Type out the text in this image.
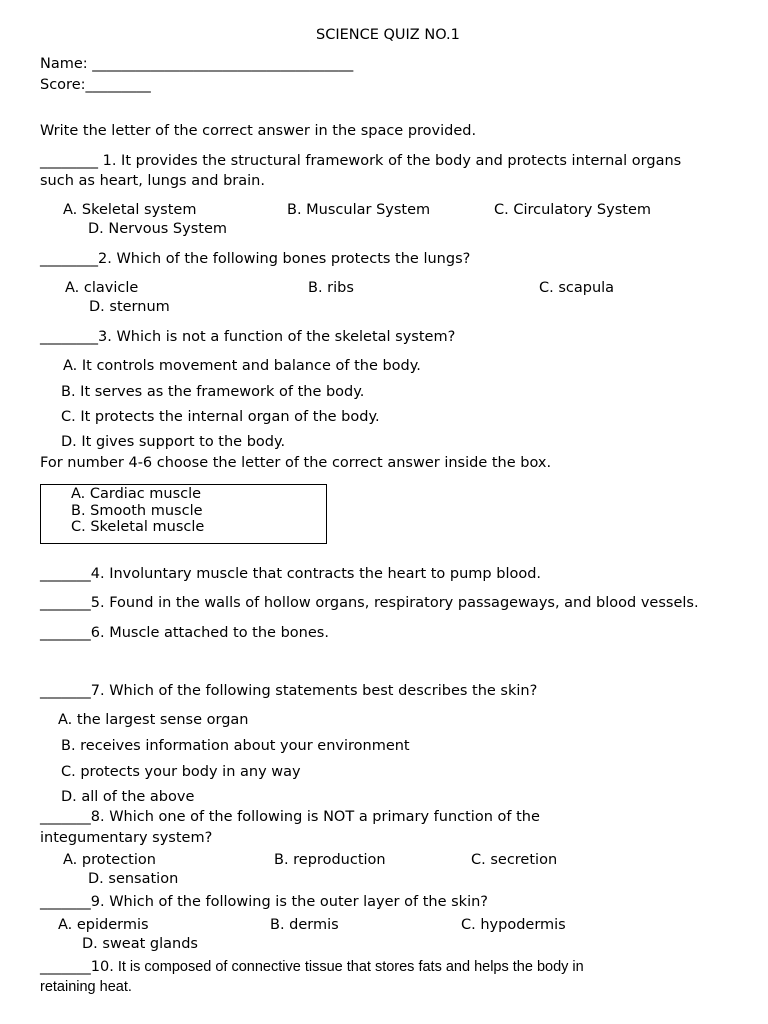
SCIENCE QUIZ NO.1
Name: ____________________________________
Score:_________
Write the letter of the correct answer in the space provided.
________ 1. It provides the structural framework of the body and protects internal organs
such as heart, lungs and brain.
A. Skeletal system	B. Muscular System	C. Circulatory System
D. Nervous System
________2. Which of the following bones protects the lungs?
A. clavicle	B. ribs	C. scapula
D. sternum
________3. Which is not a function of the skeletal system?
A. It controls movement and balance of the body.
B. It serves as the framework of the body.
C. It protects the internal organ of the body.
D. It gives support to the body.
For number 4-6 choose the letter of the correct answer inside the box.
A. Cardiac muscle
B. Smooth muscle
C. Skeletal muscle
_______4. Involuntary muscle that contracts the heart to pump blood.
_______5. Found in the walls of hollow organs, respiratory passageways, and blood vessels.
_______6. Muscle attached to the bones.
_______7. Which of the following statements best describes the skin?
A. the largest sense organ
B. receives information about your environment
C. protects your body in any way
D. all of the above
_______8. Which one of the following is NOT a primary function of the
integumentary system?
A. protection	B. reproduction	C. secretion
D. sensation
_______9. Which of the following is the outer layer of the skin?
A. epidermis	B. dermis	C. hypodermis
D. sweat glands
_______10. It is composed of connective tissue that stores fats and helps the body in
retaining heat.
